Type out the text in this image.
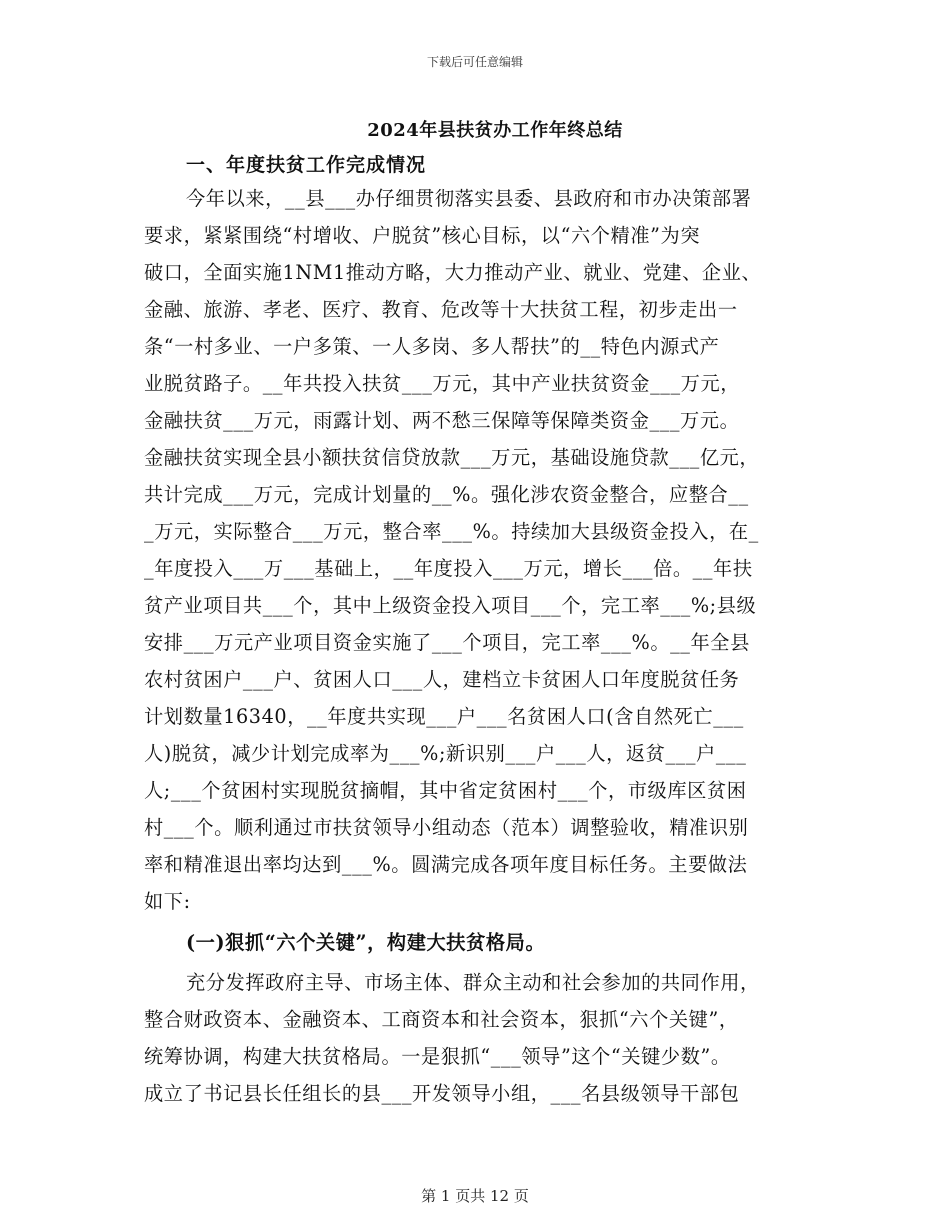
下载后可任意编辑
2024年县扶贫办工作年终总结
一、年度扶贫工作完成情况
今年以来，__县___办仔细贯彻落实县委、县政府和市办决策部署
要求，紧紧围绕“村增收、户脱贫”核心目标，以“六个精准”为突
破口，全面实施1NM1推动方略，大力推动产业、就业、党建、企业、
金融、旅游、孝老、医疗、教育、危改等十大扶贫工程，初步走出一
条“一村多业、一户多策、一人多岗、多人帮扶”的__特色内源式产
业脱贫路子。__年共投入扶贫___万元，其中产业扶贫资金___万元，
金融扶贫___万元，雨露计划、两不愁三保障等保障类资金___万元。
金融扶贫实现全县小额扶贫信贷放款___万元，基础设施贷款___亿元，
共计完成___万元，完成计划量的__%。强化涉农资金整合，应整合__
_万元，实际整合___万元，整合率___%。持续加大县级资金投入，在_
_年度投入___万___基础上，__年度投入___万元，增长___倍。__年扶
贫产业项目共___个，其中上级资金投入项目___个，完工率___%;县级
安排___万元产业项目资金实施了___个项目，完工率___%。__年全县
农村贫困户___户、贫困人口___人，建档立卡贫困人口年度脱贫任务
计划数量16340，__年度共实现___户___名贫困人口(含自然死亡___
人)脱贫，减少计划完成率为___%;新识别___户___人，返贫___户___
人;___个贫困村实现脱贫摘帽，其中省定贫困村___个，市级库区贫困
村___个。顺利通过市扶贫领导小组动态（范本）调整验收，精准识别
率和精准退出率均达到___%。圆满完成各项年度目标任务。主要做法
如下:
(一)狠抓“六个关键”，构建大扶贫格局。
充分发挥政府主导、市场主体、群众主动和社会参加的共同作用，
整合财政资本、金融资本、工商资本和社会资本，狠抓“六个关键”，
统筹协调，构建大扶贫格局。一是狠抓“___领导”这个“关键少数”。
成立了书记县长任组长的县___开发领导小组，___名县级领导干部包
第 1 页共 12 页
